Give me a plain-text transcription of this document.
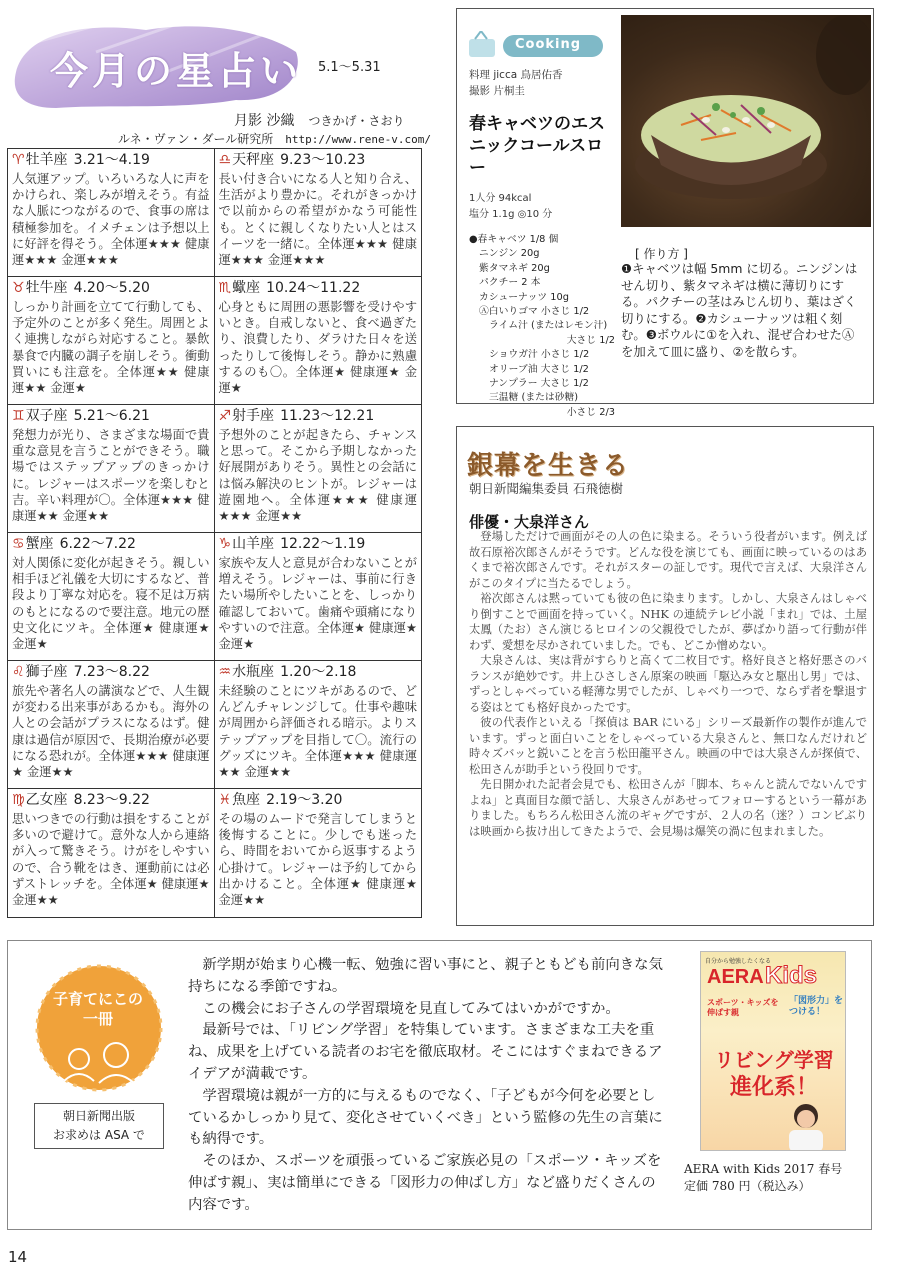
今月の星占い 5.1〜5.31
月影 沙織 つきかげ・さおり
ルネ・ヴァン・ダール研究所 http://www.rene-v.com/
♈牡羊座 3.21〜4.19
人気運アップ。いろいろな人に声をかけられ、楽しみが増えそう。有益な人脈につながるので、食事の席は積極参加を。イメチェンは予想以上に好評を得そう。全体運★★★ 健康運★★★ 金運★★★
♎天秤座 9.23〜10.23
長い付き合いになる人と知り合え、生活がより豊かに。それがきっかけで以前からの希望がかなう可能性も。とくに親しくなりたい人とはスイーツを一緒に。全体運★★★ 健康運★★★ 金運★★★
♉牡牛座 4.20〜5.20
しっかり計画を立てて行動しても、予定外のことが多く発生。周囲とよく連携しながら対応すること。暴飲暴食で内臓の調子を崩しそう。衝動買いにも注意を。全体運★★ 健康運★★ 金運★
♏蠍座 10.24〜11.22
心身ともに周囲の悪影響を受けやすいとき。自戒しないと、食べ過ぎたり、浪費したり、ダラけた日々を送ったりして後悔しそう。静かに熟慮するのも〇。全体運★ 健康運★ 金運★
♊双子座 5.21〜6.21
発想力が光り、さまざまな場面で貴重な意見を言うことができそう。職場ではステップアップのきっかけに。レジャーはスポーツを楽しむと吉。辛い料理が〇。全体運★★★ 健康運★★ 金運★★
♐射手座 11.23〜12.21
予想外のことが起きたら、チャンスと思って。そこから予期しなかった好展開がありそう。異性との会話には悩み解決のヒントが。レジャーは遊園地へ。全体運★★★ 健康運★★★ 金運★★
♋蟹座 6.22〜7.22
対人関係に変化が起きそう。親しい相手ほど礼儀を大切にするなど、普段より丁寧な対応を。寝不足は万病のもとになるので要注意。地元の歴史文化にツキ。全体運★ 健康運★ 金運★
♑山羊座 12.22〜1.19
家族や友人と意見が合わないことが増えそう。レジャーは、事前に行きたい場所やしたいことを、しっかり確認しておいて。歯痛や頭痛になりやすいので注意。全体運★ 健康運★ 金運★
♌獅子座 7.23〜8.22
旅先や著名人の講演などで、人生観が変わる出来事があるかも。海外の人との会話がプラスになるはず。健康は過信が原因で、長期治療が必要になる恐れが。全体運★★★ 健康運★ 金運★★
♒水瓶座 1.20〜2.18
未経験のことにツキがあるので、どんどんチャレンジして。仕事や趣味が周囲から評価される暗示。よりステップアップを目指して〇。流行のグッズにツキ。全体運★★★ 健康運★★ 金運★★
♍乙女座 8.23〜9.22
思いつきでの行動は損をすることが多いので避けて。意外な人から連絡が入って驚きそう。けがをしやすいので、合う靴をはき、運動前には必ずストレッチを。全体運★ 健康運★ 金運★★
♓魚座 2.19〜3.20
その場のムードで発言してしまうと後悔することに。少しでも迷ったら、時間をおいてから返事するよう心掛けて。レジャーは予約してから出かけること。全体運★ 健康運★ 金運★★
Cooking
料理 jicca 鳥居佑香
撮影 片桐圭
春キャベツのエスニックコールスロー
1人分 94kcal
塩分 1.1g ◎10 分
●春キャベツ 1/8 個
ニンジン 20g
紫タマネギ 20g
パクチー 2 本
カシューナッツ 10g
Ⓐ白いりゴマ 小さじ 1/2
ライム汁 (またはレモン汁)
大さじ 1/2
ショウガ汁 小さじ 1/2
オリーブ油 大さじ 1/2
ナンプラー 大さじ 1/2
三温糖 (または砂糖)
小さじ 2/3
[ 作り方 ]
❶キャベツは幅 5mm に切る。ニンジンはせん切り、紫タマネギは横に薄切りにする。パクチーの茎はみじん切り、葉はざく切りにする。❷カシューナッツは粗く刻む。❸ボウルに①を入れ、混ぜ合わせたⒶを加えて皿に盛り、②を散らす。
銀幕を生きる
朝日新聞編集委員 石飛徳樹
俳優・大泉洋さん

登場しただけで画面がその人の色に染まる。そういう役者がいます。例えば故石原裕次郎さんがそうです。どんな役を演じても、画面に映っているのはあくまで裕次郎さんです。それがスターの証しです。現代で言えば、大泉洋さんがこのタイプに当たるでしょう。

裕次郎さんは黙っていても彼の色に染まります。しかし、大泉さんはしゃべり倒すことで画面を持っていく。NHK の連続テレビ小説「まれ」では、土屋太鳳（たお）さん演じるヒロインの父親役でしたが、夢ばかり語って行動が伴わず、愛想を尽かされていました。でも、どこか憎めない。

大泉さんは、実は背がすらりと高くて二枚目です。格好良さと格好悪さのバランスが絶妙です。井上ひさしさん原案の映画「駆込み女と駆出し男」では、ずっとしゃべっている軽薄な男でしたが、しゃべり一つで、ならず者を撃退する姿はとても格好良かったです。

彼の代表作といえる「探偵は BAR にいる」シリーズ最新作の製作が進んでいます。ずっと面白いことをしゃべっている大泉さんと、無口なんだけれど時々ズバッと鋭いことを言う松田龍平さん。映画の中では大泉さんが探偵で、松田さんが助手という役回りです。

先日開かれた記者会見でも、松田さんが「脚本、ちゃんと読んでないんですよね」と真面目な顔で話し、大泉さんがあせってフォローするという一幕がありました。もちろん松田さん流のギャグですが、２人の名（迷？）コンビぶりは映画から抜け出してきたようで、会見場は爆笑の渦に包まれました。

子育てにこの一冊
朝日新聞出版
お求めは ASA で

新学期が始まり心機一転、勉強に習い事にと、親子ともども前向きな気持ちになる季節ですね。

この機会にお子さんの学習環境を見直してみてはいかがですか。

最新号では、「リビング学習」を特集しています。さまざまな工夫を重ね、成果を上げている読者のお宅を徹底取材。そこにはすぐまねできるアイデアが満載です。

学習環境は親が一方的に与えるものでなく、「子どもが今何を必要としているかしっかり見て、変化させていくべき」という監修の先生の言葉にも納得です。

そのほか、スポーツを頑張っているご家族必見の「スポーツ・キッズを伸ばす親」、実は簡単にできる「図形力の伸ばし方」など盛りだくさんの内容です。

自分から勉強したくなる
AERA Kids
スポーツ・キッズを伸ばす親
「図形力」をつける！
リビング学習
進化系！
AERA with Kids 2017 春号
定価 780 円（税込み）
14
